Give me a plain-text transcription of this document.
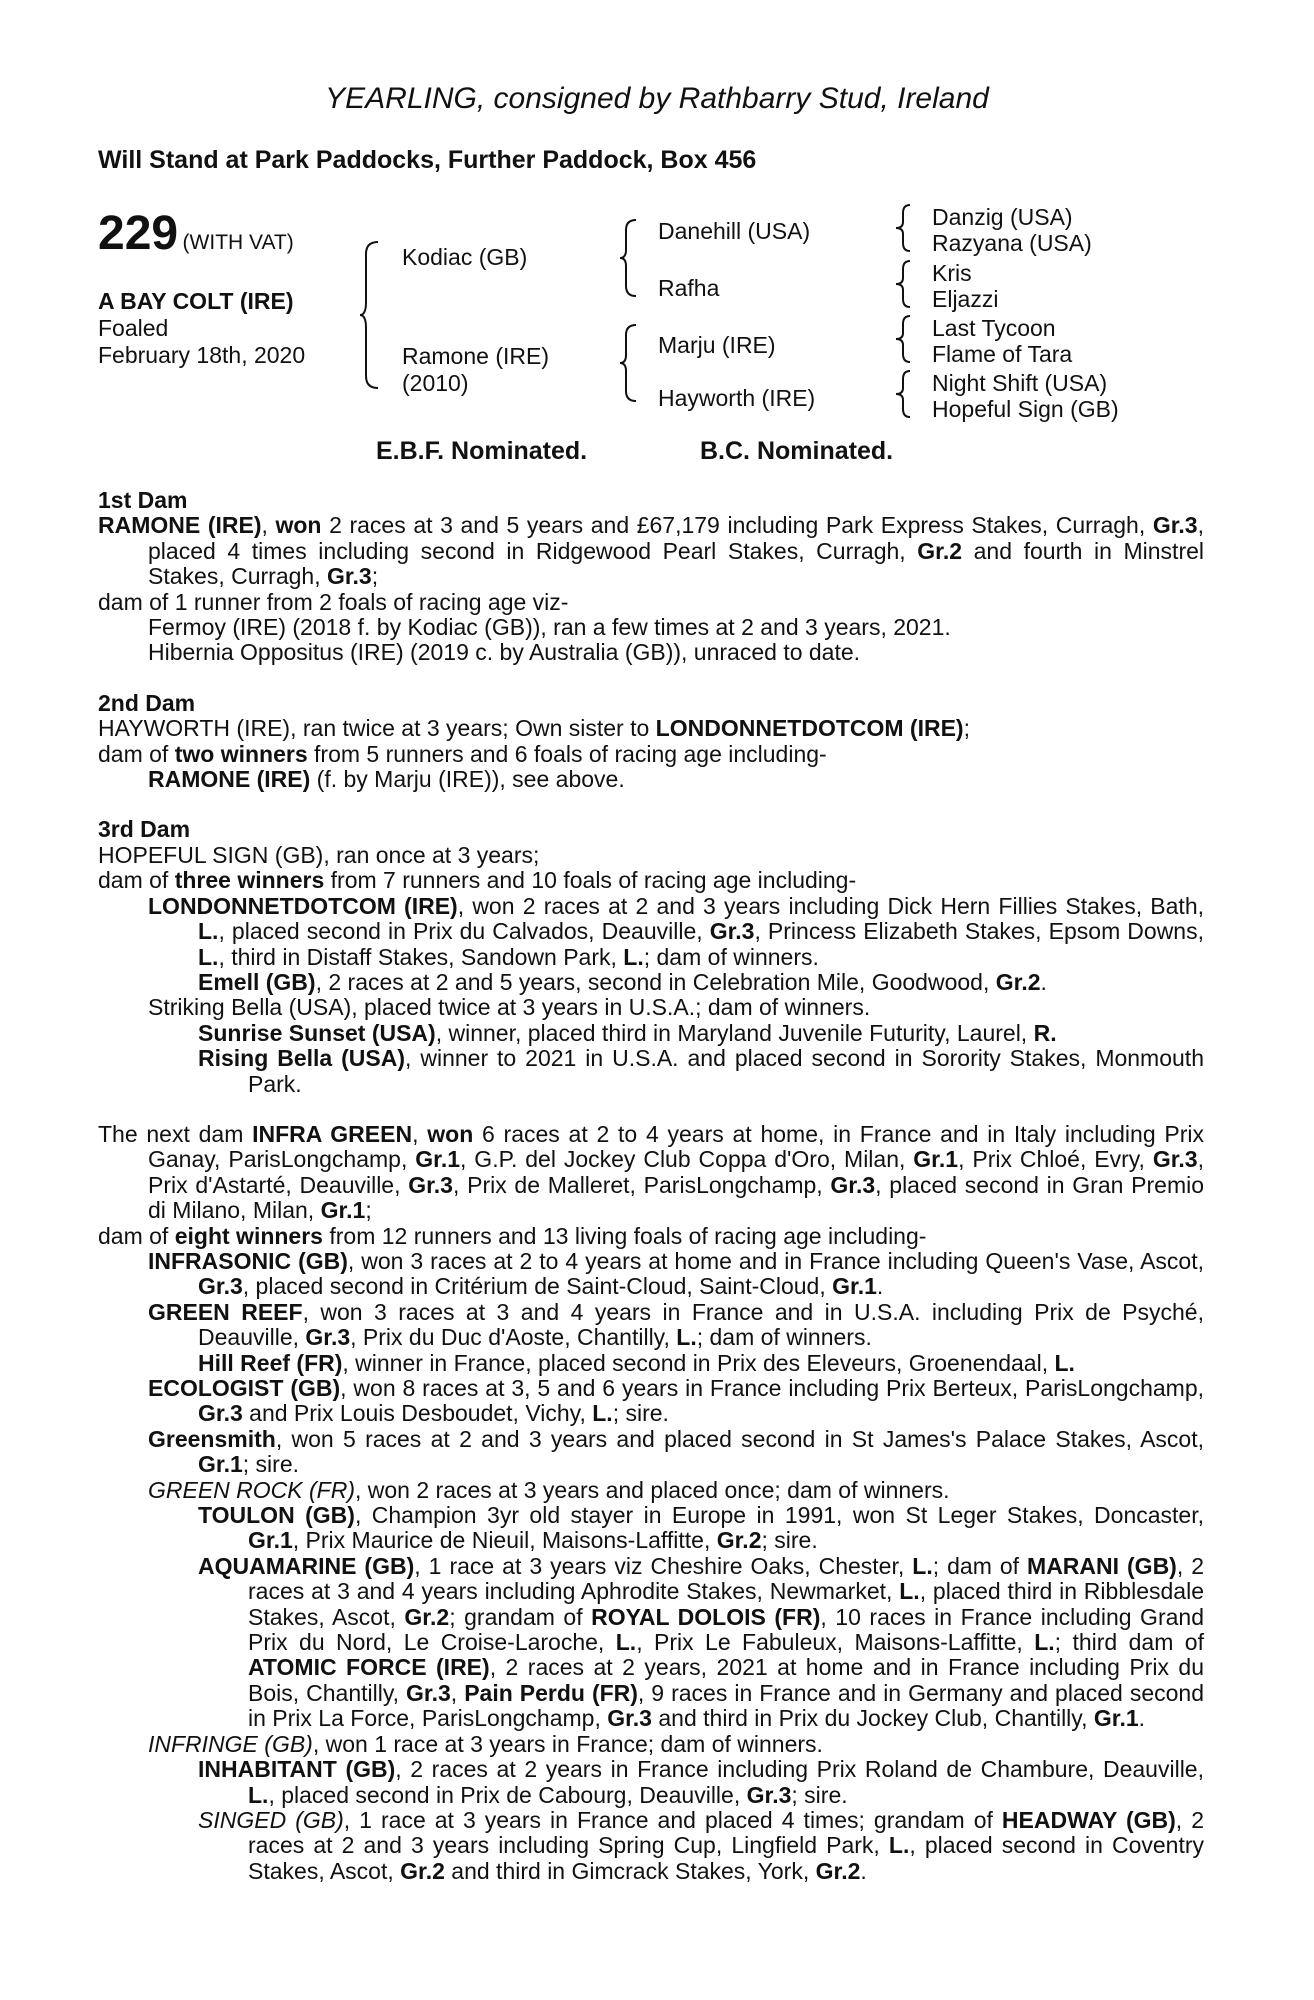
YEARLING, consigned by Rathbarry Stud, Ireland
Will Stand at Park Paddocks, Further Paddock, Box 456
229 (WITH VAT)
A BAY COLT (IRE)
Foaled
February 18th, 2020
Kodiac (GB)
Ramone (IRE)
(2010)
Danehill (USA)
Rafha
Marju (IRE)
Hayworth (IRE)
Danzig (USA)
Razyana (USA)
Kris
Eljazzi
Last Tycoon
Flame of Tara
Night Shift (USA)
Hopeful Sign (GB)
E.B.F. Nominated.	B.C. Nominated.

1st Dam

RAMONE (IRE), won 2 races at 3 and 5 years and £67,179 including Park Express Stakes, Curragh, Gr.3, placed 4 times including second in Ridgewood Pearl Stakes, Curragh, Gr.2 and fourth in Minstrel Stakes, Curragh, Gr.3;

dam of 1 runner from 2 foals of racing age viz-

Fermoy (IRE) (2018 f. by Kodiac (GB)), ran a few times at 2 and 3 years, 2021.

Hibernia Oppositus (IRE) (2019 c. by Australia (GB)), unraced to date.

2nd Dam

HAYWORTH (IRE), ran twice at 3 years; Own sister to LONDONNETDOTCOM (IRE);

dam of two winners from 5 runners and 6 foals of racing age including-

RAMONE (IRE) (f. by Marju (IRE)), see above.

3rd Dam

HOPEFUL SIGN (GB), ran once at 3 years;

dam of three winners from 7 runners and 10 foals of racing age including-

LONDONNETDOTCOM (IRE), won 2 races at 2 and 3 years including Dick Hern Fillies Stakes, Bath, L., placed second in Prix du Calvados, Deauville, Gr.3, Princess Elizabeth Stakes, Epsom Downs, L., third in Distaff Stakes, Sandown Park, L.; dam of winners.

Emell (GB), 2 races at 2 and 5 years, second in Celebration Mile, Goodwood, Gr.2.

Striking Bella (USA), placed twice at 3 years in U.S.A.; dam of winners.

Sunrise Sunset (USA), winner, placed third in Maryland Juvenile Futurity, Laurel, R.

Rising Bella (USA), winner to 2021 in U.S.A. and placed second in Sorority Stakes, Monmouth Park.

The next dam INFRA GREEN, won 6 races at 2 to 4 years at home, in France and in Italy including Prix Ganay, ParisLongchamp, Gr.1, G.P. del Jockey Club Coppa d'Oro, Milan, Gr.1, Prix Chloé, Evry, Gr.3, Prix d'Astarté, Deauville, Gr.3, Prix de Malleret, ParisLongchamp, Gr.3, placed second in Gran Premio di Milano, Milan, Gr.1;

dam of eight winners from 12 runners and 13 living foals of racing age including-

INFRASONIC (GB), won 3 races at 2 to 4 years at home and in France including Queen's Vase, Ascot, Gr.3, placed second in Critérium de Saint-Cloud, Saint-Cloud, Gr.1.

GREEN REEF, won 3 races at 3 and 4 years in France and in U.S.A. including Prix de Psyché, Deauville, Gr.3, Prix du Duc d'Aoste, Chantilly, L.; dam of winners.

Hill Reef (FR), winner in France, placed second in Prix des Eleveurs, Groenendaal, L.

ECOLOGIST (GB), won 8 races at 3, 5 and 6 years in France including Prix Berteux, ParisLongchamp, Gr.3 and Prix Louis Desboudet, Vichy, L.; sire.

Greensmith, won 5 races at 2 and 3 years and placed second in St James's Palace Stakes, Ascot, Gr.1; sire.

GREEN ROCK (FR), won 2 races at 3 years and placed once; dam of winners.

TOULON (GB), Champion 3yr old stayer in Europe in 1991, won St Leger Stakes, Doncaster, Gr.1, Prix Maurice de Nieuil, Maisons-Laffitte, Gr.2; sire.

AQUAMARINE (GB), 1 race at 3 years viz Cheshire Oaks, Chester, L.; dam of MARANI (GB), 2 races at 3 and 4 years including Aphrodite Stakes, Newmarket, L., placed third in Ribblesdale Stakes, Ascot, Gr.2; grandam of ROYAL DOLOIS (FR), 10 races in France including Grand Prix du Nord, Le Croise-Laroche, L., Prix Le Fabuleux, Maisons-Laffitte, L.; third dam of ATOMIC FORCE (IRE), 2 races at 2 years, 2021 at home and in France including Prix du Bois, Chantilly, Gr.3, Pain Perdu (FR), 9 races in France and in Germany and placed second in Prix La Force, ParisLongchamp, Gr.3 and third in Prix du Jockey Club, Chantilly, Gr.1.

INFRINGE (GB), won 1 race at 3 years in France; dam of winners.

INHABITANT (GB), 2 races at 2 years in France including Prix Roland de Chambure, Deauville, L., placed second in Prix de Cabourg, Deauville, Gr.3; sire.

SINGED (GB), 1 race at 3 years in France and placed 4 times; grandam of HEADWAY (GB), 2 races at 2 and 3 years including Spring Cup, Lingfield Park, L., placed second in Coventry Stakes, Ascot, Gr.2 and third in Gimcrack Stakes, York, Gr.2.
